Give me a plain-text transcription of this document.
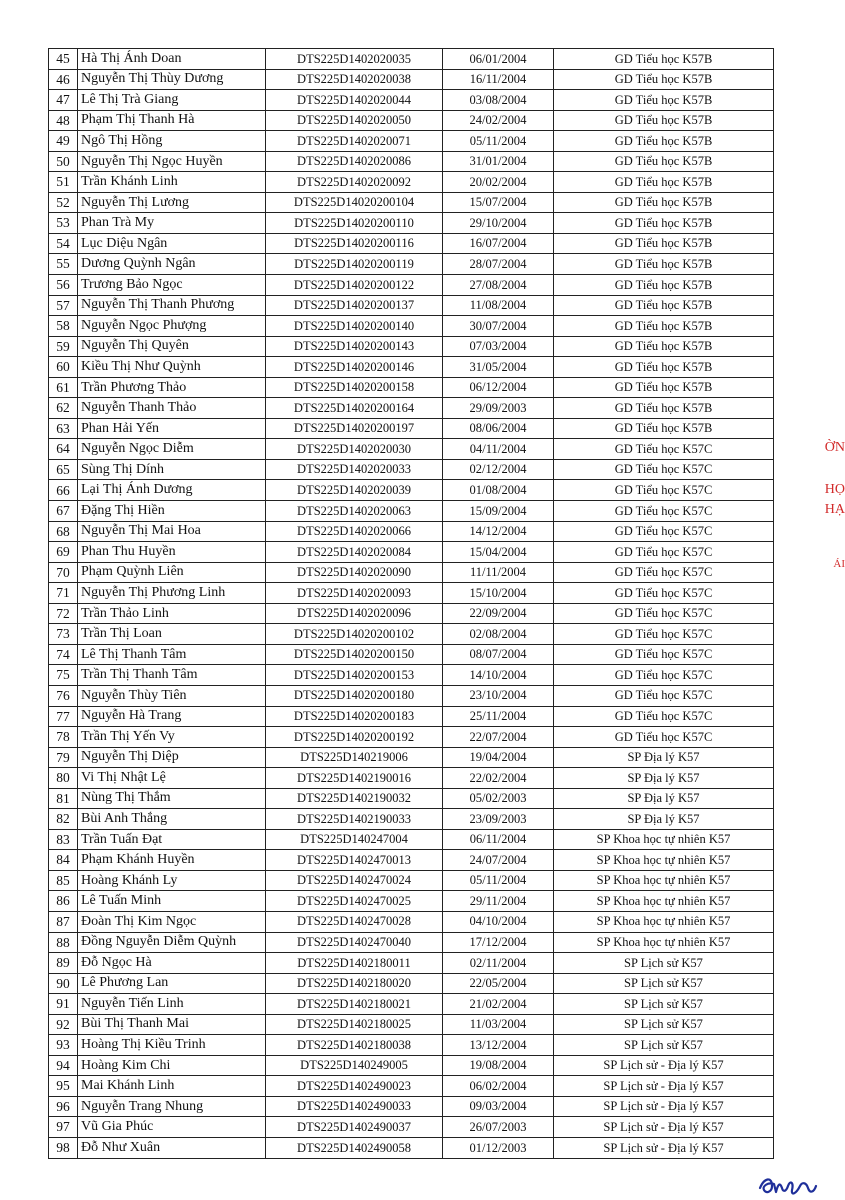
45	Hà Thị Ánh Doan	DTS225D1402020035	06/01/2004	GD Tiểu học K57B
46	Nguyễn Thị Thùy Dương	DTS225D1402020038	16/11/2004	GD Tiểu học K57B
47	Lê Thị Trà Giang	DTS225D1402020044	03/08/2004	GD Tiểu học K57B
48	Phạm Thị Thanh Hà	DTS225D1402020050	24/02/2004	GD Tiểu học K57B
49	Ngô Thị Hồng	DTS225D1402020071	05/11/2004	GD Tiểu học K57B
50	Nguyễn Thị Ngọc Huyền	DTS225D1402020086	31/01/2004	GD Tiểu học K57B
51	Trần Khánh Linh	DTS225D1402020092	20/02/2004	GD Tiểu học K57B
52	Nguyễn Thị Lương	DTS225D14020200104	15/07/2004	GD Tiểu học K57B
53	Phan Trà My	DTS225D14020200110	29/10/2004	GD Tiểu học K57B
54	Lục Diệu Ngân	DTS225D14020200116	16/07/2004	GD Tiểu học K57B
55	Dương Quỳnh Ngân	DTS225D14020200119	28/07/2004	GD Tiểu học K57B
56	Trương Bảo Ngọc	DTS225D14020200122	27/08/2004	GD Tiểu học K57B
57	Nguyễn Thị Thanh Phương	DTS225D14020200137	11/08/2004	GD Tiểu học K57B
58	Nguyễn Ngọc Phượng	DTS225D14020200140	30/07/2004	GD Tiểu học K57B
59	Nguyễn Thị Quyên	DTS225D14020200143	07/03/2004	GD Tiểu học K57B
60	Kiều Thị Như Quỳnh	DTS225D14020200146	31/05/2004	GD Tiểu học K57B
61	Trần Phương Thảo	DTS225D14020200158	06/12/2004	GD Tiểu học K57B
62	Nguyễn Thanh Thảo	DTS225D14020200164	29/09/2003	GD Tiểu học K57B
63	Phan Hải Yến	DTS225D14020200197	08/06/2004	GD Tiểu học K57B
64	Nguyễn Ngọc Diễm	DTS225D1402020030	04/11/2004	GD Tiểu học K57C
65	Sùng Thị Dính	DTS225D1402020033	02/12/2004	GD Tiểu học K57C
66	Lại Thị Ánh Dương	DTS225D1402020039	01/08/2004	GD Tiểu học K57C
67	Đặng Thị Hiền	DTS225D1402020063	15/09/2004	GD Tiểu học K57C
68	Nguyễn Thị Mai Hoa	DTS225D1402020066	14/12/2004	GD Tiểu học K57C
69	Phan Thu Huyền	DTS225D1402020084	15/04/2004	GD Tiểu học K57C
70	Phạm Quỳnh Liên	DTS225D1402020090	11/11/2004	GD Tiểu học K57C
71	Nguyễn Thị Phương Linh	DTS225D1402020093	15/10/2004	GD Tiểu học K57C
72	Trần Thảo Linh	DTS225D1402020096	22/09/2004	GD Tiểu học K57C
73	Trần Thị Loan	DTS225D14020200102	02/08/2004	GD Tiểu học K57C
74	Lê Thị Thanh Tâm	DTS225D14020200150	08/07/2004	GD Tiểu học K57C
75	Trần Thị Thanh Tâm	DTS225D14020200153	14/10/2004	GD Tiểu học K57C
76	Nguyễn Thùy Tiên	DTS225D14020200180	23/10/2004	GD Tiểu học K57C
77	Nguyễn Hà Trang	DTS225D14020200183	25/11/2004	GD Tiểu học K57C
78	Trần Thị Yến Vy	DTS225D14020200192	22/07/2004	GD Tiểu học K57C
79	Nguyễn Thị Diệp	DTS225D140219006	19/04/2004	SP Địa lý K57
80	Vi Thị Nhật Lệ	DTS225D1402190016	22/02/2004	SP Địa lý K57
81	Nùng Thị Thắm	DTS225D1402190032	05/02/2003	SP Địa lý K57
82	Bùi Anh Thắng	DTS225D1402190033	23/09/2003	SP Địa lý K57
83	Trần Tuấn Đạt	DTS225D140247004	06/11/2004	SP Khoa học tự nhiên K57
84	Phạm Khánh Huyền	DTS225D1402470013	24/07/2004	SP Khoa học tự nhiên K57
85	Hoàng Khánh Ly	DTS225D1402470024	05/11/2004	SP Khoa học tự nhiên K57
86	Lê Tuấn Minh	DTS225D1402470025	29/11/2004	SP Khoa học tự nhiên K57
87	Đoàn Thị Kim Ngọc	DTS225D1402470028	04/10/2004	SP Khoa học tự nhiên K57
88	Đồng Nguyễn Diễm Quỳnh	DTS225D1402470040	17/12/2004	SP Khoa học tự nhiên K57
89	Đỗ Ngọc Hà	DTS225D1402180011	02/11/2004	SP Lịch sử K57
90	Lê Phương Lan	DTS225D1402180020	22/05/2004	SP Lịch sử K57
91	Nguyễn Tiến Linh	DTS225D1402180021	21/02/2004	SP Lịch sử K57
92	Bùi Thị Thanh Mai	DTS225D1402180025	11/03/2004	SP Lịch sử K57
93	Hoàng Thị Kiều Trinh	DTS225D1402180038	13/12/2004	SP Lịch sử K57
94	Hoàng Kim Chi	DTS225D140249005	19/08/2004	SP Lịch sử - Địa lý K57
95	Mai Khánh Linh	DTS225D1402490023	06/02/2004	SP Lịch sử - Địa lý K57
96	Nguyễn Trang Nhung	DTS225D1402490033	09/03/2004	SP Lịch sử - Địa lý K57
97	Vũ Gia Phúc	DTS225D1402490037	26/07/2003	SP Lịch sử - Địa lý K57
98	Đỗ Như Xuân	DTS225D1402490058	01/12/2003	SP Lịch sử - Địa lý K57
ỜN
HỌ
HẠ
ÁI
